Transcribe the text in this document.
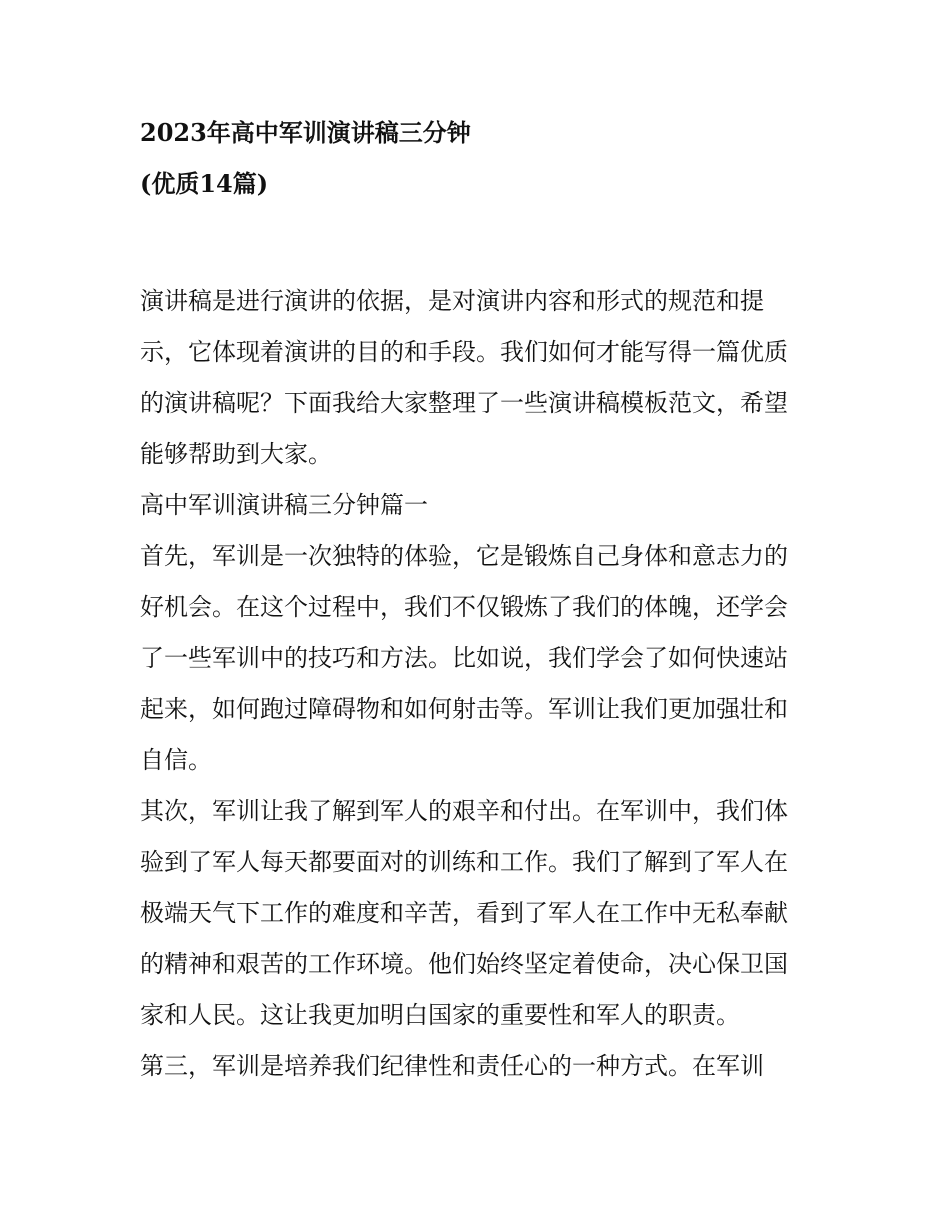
2023年高中军训演讲稿三分钟
(优质14篇)
演讲稿是进行演讲的依据，是对演讲内容和形式的规范和提
示，它体现着演讲的目的和手段。我们如何才能写得一篇优质
的演讲稿呢？下面我给大家整理了一些演讲稿模板范文，希望
能够帮助到大家。
高中军训演讲稿三分钟篇一
首先，军训是一次独特的体验，它是锻炼自己身体和意志力的
好机会。在这个过程中，我们不仅锻炼了我们的体魄，还学会
了一些军训中的技巧和方法。比如说，我们学会了如何快速站
起来，如何跑过障碍物和如何射击等。军训让我们更加强壮和
自信。
其次，军训让我了解到军人的艰辛和付出。在军训中，我们体
验到了军人每天都要面对的训练和工作。我们了解到了军人在
极端天气下工作的难度和辛苦，看到了军人在工作中无私奉献
的精神和艰苦的工作环境。他们始终坚定着使命，决心保卫国
家和人民。这让我更加明白国家的重要性和军人的职责。
第三，军训是培养我们纪律性和责任心的一种方式。在军训
